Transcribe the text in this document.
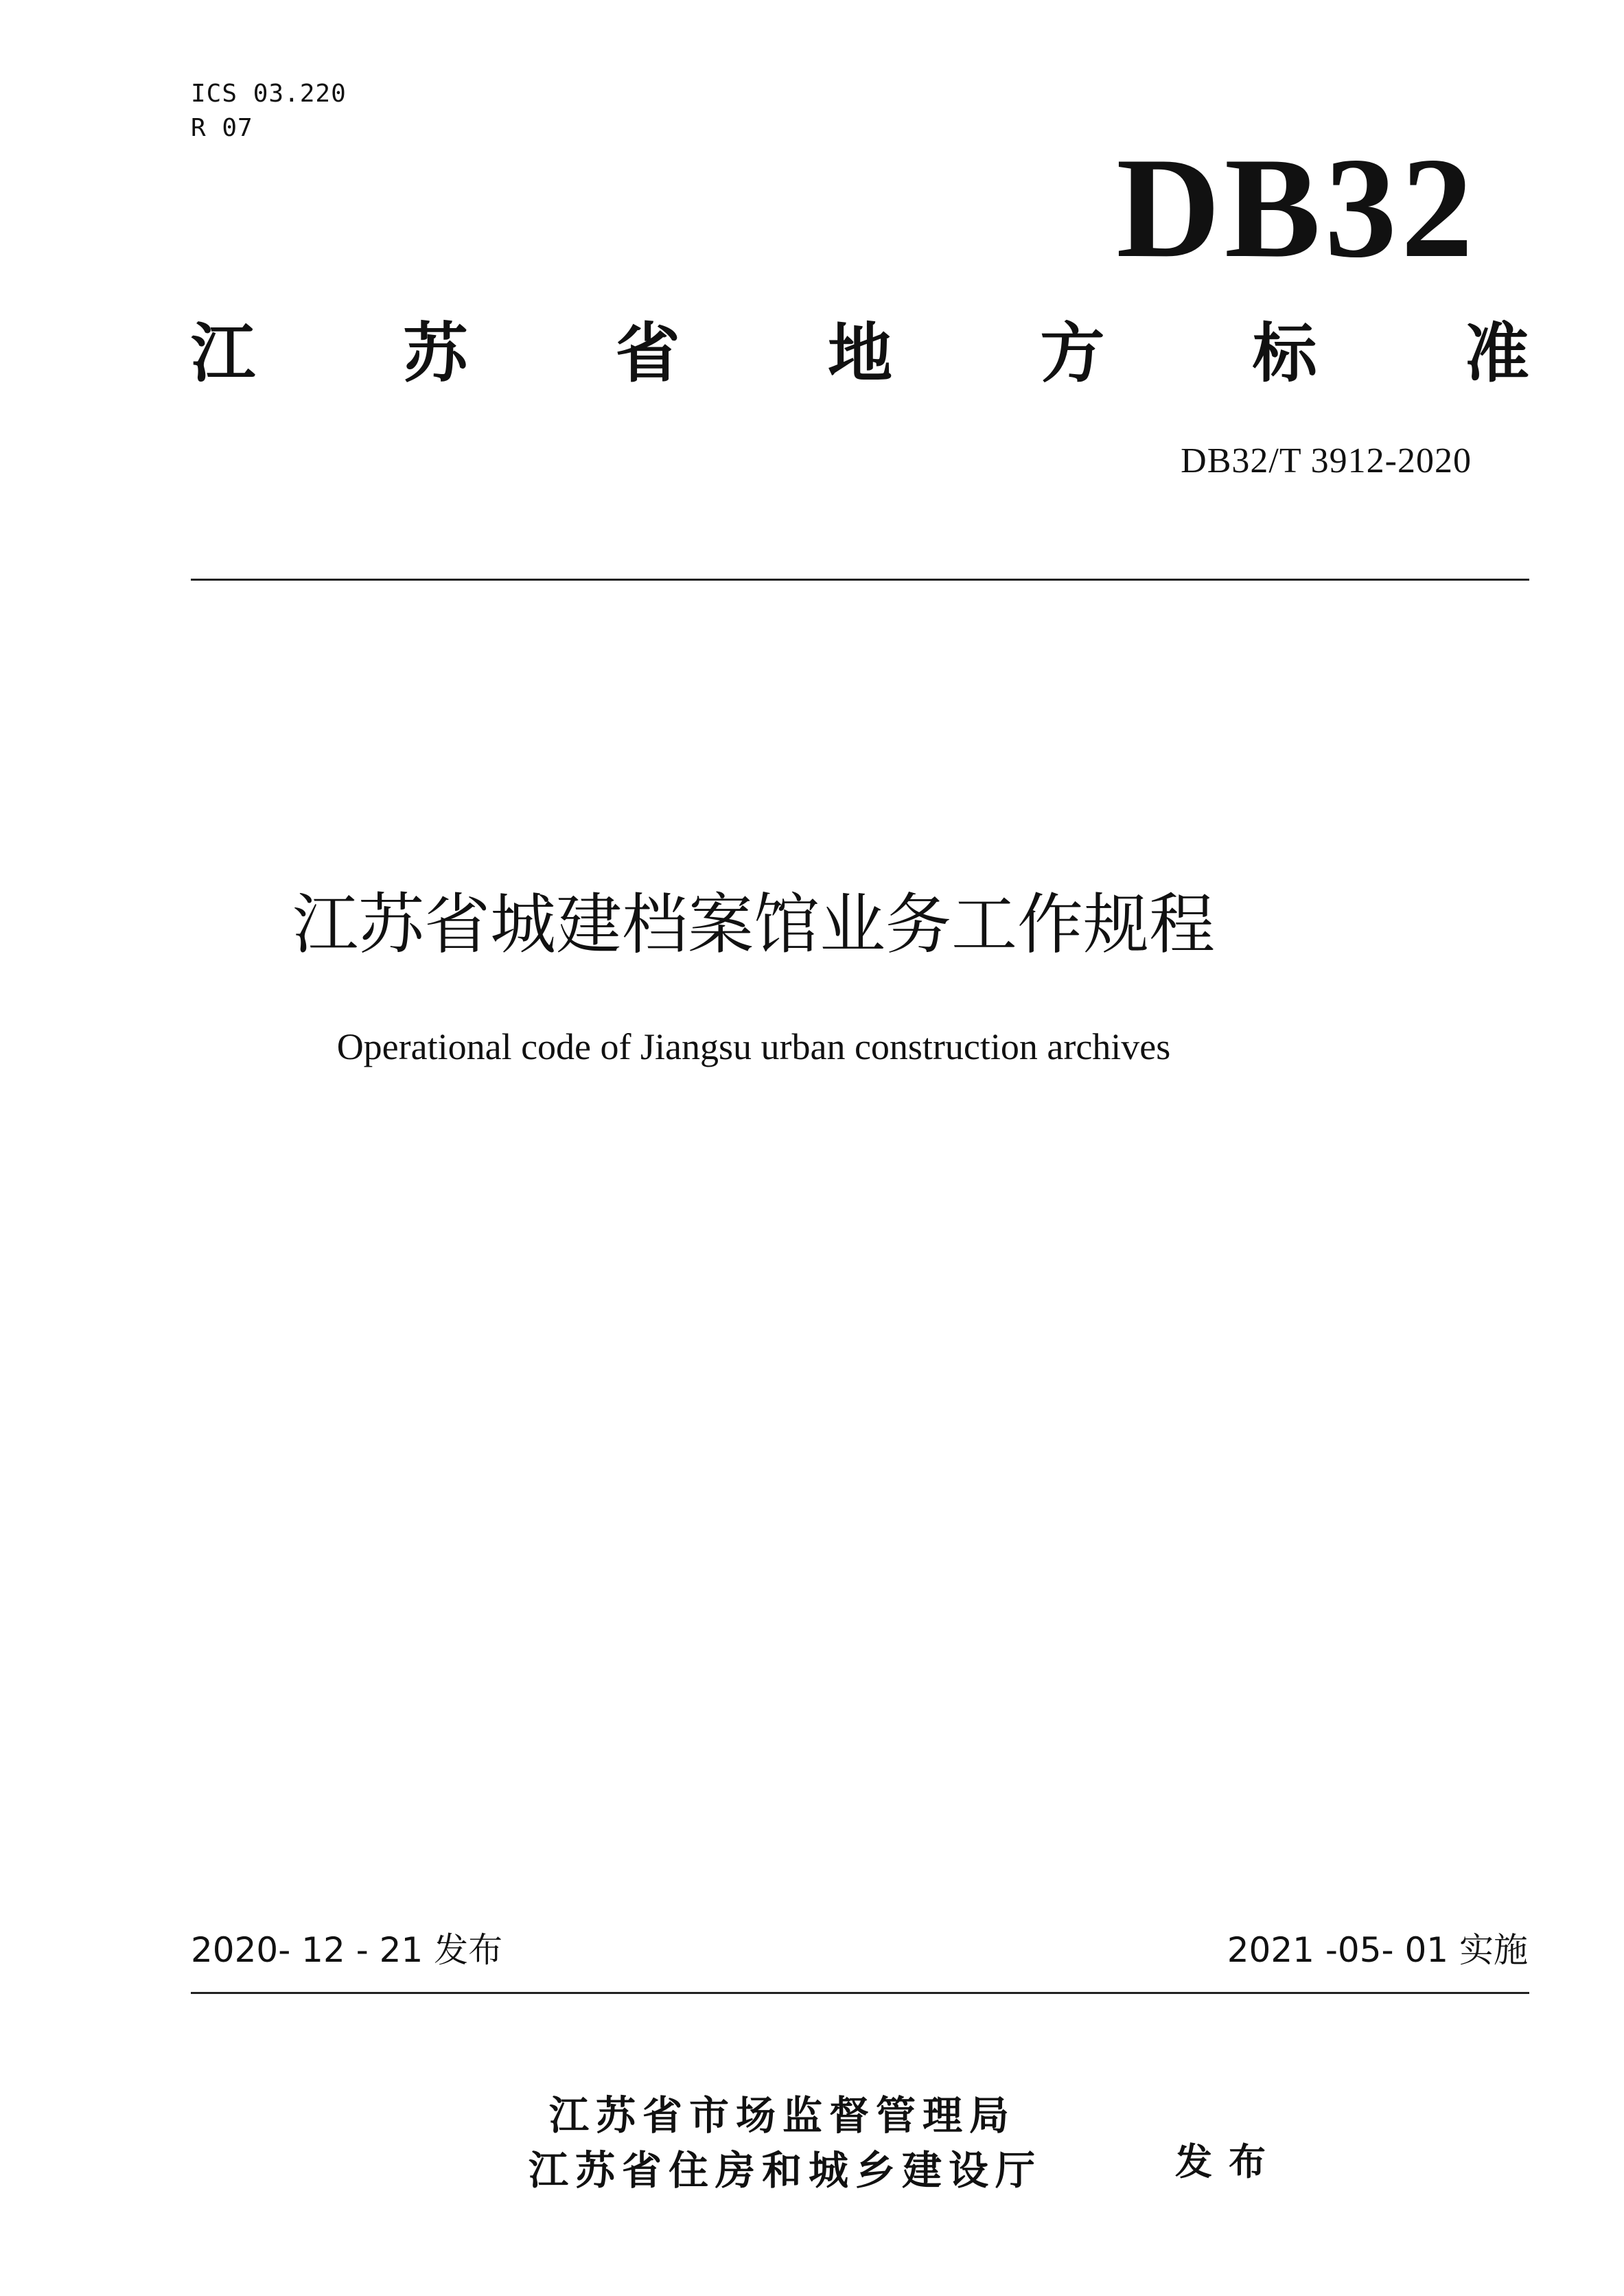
ICS 03.220
R 07
DB32
江 苏 省 地 方 标 准
DB32/T 3912-2020
江苏省城建档案馆业务工作规程
Operational code of Jiangsu urban construction archives
2020- 12 - 21 发布	2021 -05- 01 实施
江苏省市场监督管理局
江苏省住房和城乡建设厅	发布
